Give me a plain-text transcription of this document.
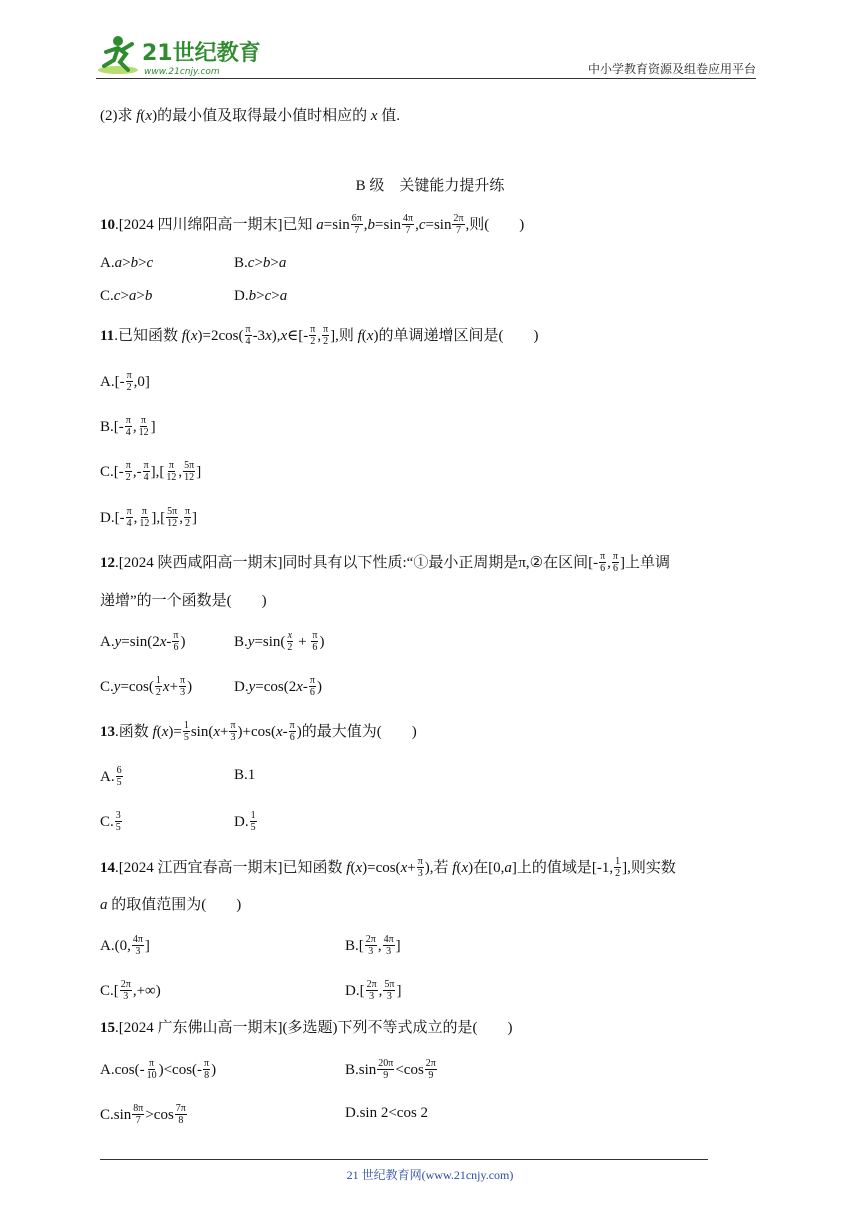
21世纪教育
www.21cnjy.com	中小学教育资源及组卷应用平台
(2)求 f(x)的最小值及取得最小值时相应的 x 值.
B 级　关键能力提升练
10.[2024 四川绵阳高一期末]已知 $a=\sin \frac{6\pi}{7} ,b=\sin \frac{4\pi}{7} ,c=\sin \frac{2\pi}{7}$ ,则(　　)
A.a>b>c	B.c>b>a
C.c>a>b	D.b>c>a
11.已知函数 $f(x)=2\cos( \frac{\pi}{4}$ -3x),x∈[- $\frac{\pi}{2}$ , $\frac{\pi}{2}$ ],则 f(x)的单调递增区间是(　　)
$A.[- \frac{\pi}{2} ,0]$
$B.[- \frac{\pi}{4}$ , $\frac{\pi}{12}$ ]
$C.[- \frac{\pi}{2}$ ,- $\frac{\pi}{4}$ ],[ $\frac{\pi}{12}$ , $\frac{5\pi}{12}$ ]
$D.[- \frac{\pi}{4}$ , $\frac{\pi}{12}$ ],[ $\frac{5\pi}{12}$ , $\frac{\pi}{2}$ ]
12.[2024 陕西咸阳高一期末]同时具有以下性质:“①最小正周期是π,②在区间[- $\frac{\pi}{6}$ , $\frac{\pi}{6}$ ]上单调
递增”的一个函数是(　　)
$A.y=\sin(2x- \frac{\pi}{6}$ )	$B.y=\sin( \frac{x}{2} + \frac{\pi}{6}$ )
$C.y=\cos( \frac{1}{2} x+ \frac{\pi}{3}$ )	$D.y=\cos(2x- \frac{\pi}{6}$ )
13.函数 $f(x)= \frac{1}{5} \sin(x+ \frac{\pi}{3} )+\cos(x- \frac{\pi}{6}$ )的最大值为(　　)
A. $\frac{6}{5}$	B.1
C. $\frac{3}{5}$	D. $\frac{1}{5}$
14.[2024 江西宜春高一期末]已知函数 $f(x)=\cos(x+ \frac{\pi}{3}$ ),若 f(x)在[0,a]上的值域是[-1, $\frac{1}{2}$ ],则实数
a 的取值范围为(　　)
A.(0, $\frac{4\pi}{3}$ ]	$B.[ \frac{2\pi}{3}$ , $\frac{4\pi}{3}$ ]
$C.[ \frac{2\pi}{3}$ ,+∞)	$D.[ \frac{2\pi}{3}$ , $\frac{5\pi}{3}$ ]
15.[2024 广东佛山高一期末](多选题)下列不等式成立的是(　　)
$A.\cos(- \frac{\pi}{10} )<\cos(- \frac{\pi}{8}$ )	$B.\sin \frac{20\pi}{9} <\cos \frac{2\pi}{9}$
$C.\sin \frac{8\pi}{7} >\cos \frac{7\pi}{8}$	D.sin 2<cos 2
21 世纪教育网(www.21cnjy.com)
